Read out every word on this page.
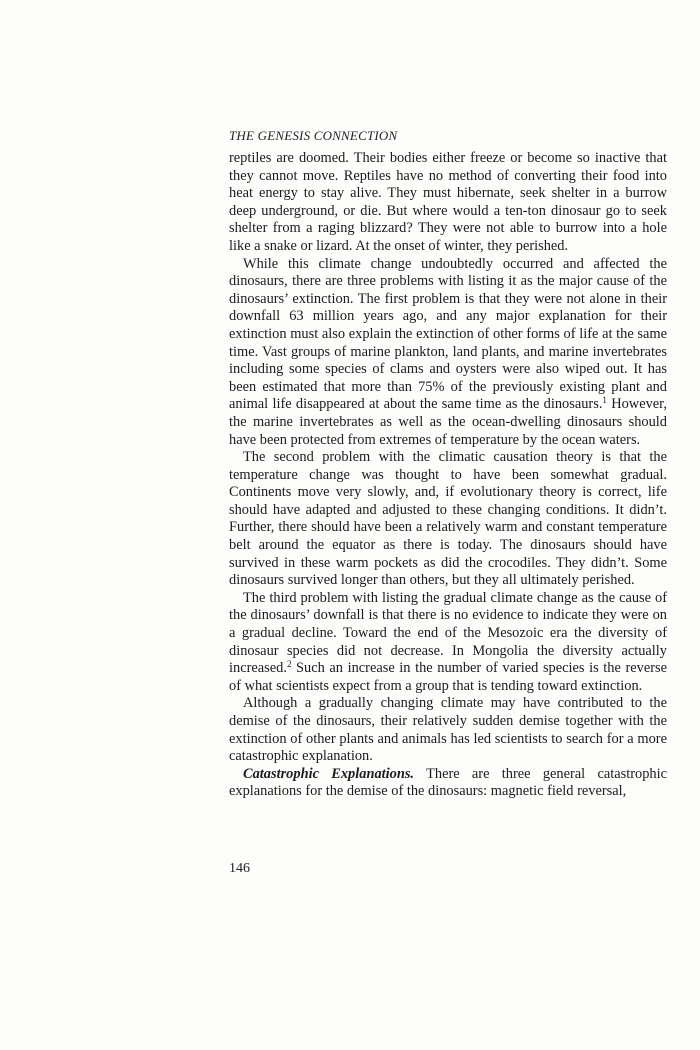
THE GENESIS CONNECTION

reptiles are doomed. Their bodies either freeze or become so inactive that they cannot move. Reptiles have no method of converting their food into heat energy to stay alive. They must hibernate, seek shelter in a burrow deep underground, or die. But where would a ten-ton dinosaur go to seek shelter from a raging blizzard? They were not able to burrow into a hole like a snake or lizard. At the onset of winter, they perished.

While this climate change undoubtedly occurred and affected the dinosaurs, there are three problems with listing it as the major cause of the dinosaurs’ extinction. The first problem is that they were not alone in their downfall 63 million years ago, and any major explanation for their extinction must also explain the extinction of other forms of life at the same time. Vast groups of marine plankton, land plants, and marine invertebrates including some species of clams and oysters were also wiped out. It has been estimated that more than 75% of the previously existing plant and animal life disappeared at about the same time as the dinosaurs.$^1$ However, the marine invertebrates as well as the ocean-dwelling dinosaurs should have been protected from extremes of temperature by the ocean waters.

The second problem with the climatic causation theory is that the temperature change was thought to have been somewhat gradual. Continents move very slowly, and, if evolutionary theory is correct, life should have adapted and adjusted to these changing conditions. It didn’t. Further, there should have been a relatively warm and constant temperature belt around the equator as there is today. The dinosaurs should have survived in these warm pockets as did the crocodiles. They didn’t. Some dinosaurs survived longer than others, but they all ultimately perished.

The third problem with listing the gradual climate change as the cause of the dinosaurs’ downfall is that there is no evidence to indicate they were on a gradual decline. Toward the end of the Mesozoic era the diversity of dinosaur species did not decrease. In Mongolia the diversity actually increased.$^2$ Such an increase in the number of varied species is the reverse of what scientists expect from a group that is tending toward extinction.

Although a gradually changing climate may have contributed to the demise of the dinosaurs, their relatively sudden demise together with the extinction of other plants and animals has led scientists to search for a more catastrophic explanation.

Catastrophic Explanations. There are three general catastrophic explanations for the demise of the dinosaurs: magnetic field reversal,

146
